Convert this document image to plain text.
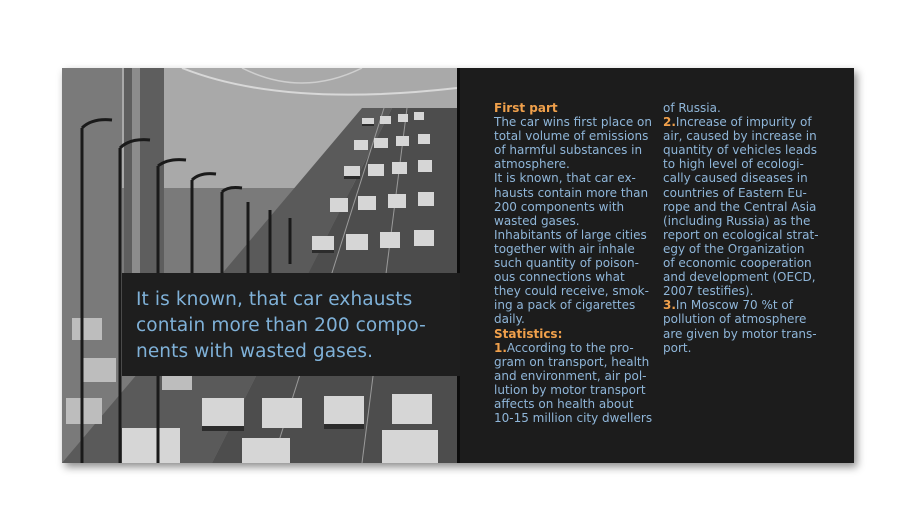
It is known, that car exhausts
contain more than 200 compo-
nents with wasted gases.

First part

The car wins first place on
total volume of emissions
of harmful substances in
atmosphere.

It is known, that car ex-
hausts contain more than
200 components with
wasted gases.

Inhabitants of large cities
together with air inhale
such quantity of poison-
ous connections what
they could receive, smok-
ing a pack of cigarettes
daily.

Statistics:

1.According to the pro-
gram on transport, health
and environment, air pol-
lution by motor transport
affects on health about
10-15 million city dwellers

of Russia.

2.Increase of impurity of
air, caused by increase in
quantity of vehicles leads
to high level of ecologi-
cally caused diseases in
countries of Eastern Eu-
rope and the Central Asia
(including Russia) as the
report on ecological strat-
egy of the Organization
of economic cooperation
and development (OECD,
2007 testifies).

3.In Moscow 70 %t of
pollution of atmosphere
are given by motor trans-
port.
